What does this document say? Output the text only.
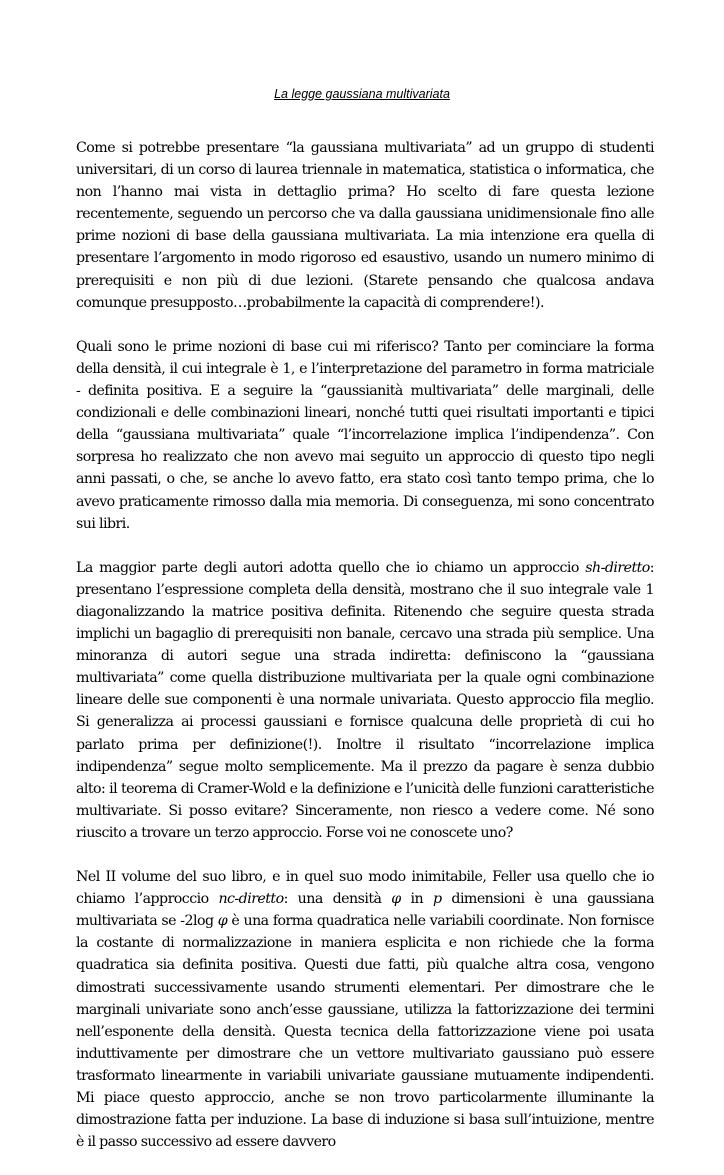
La legge gaussiana multivariata

Come si potrebbe presentare “la gaussiana multivariata” ad un gruppo di studenti universitari, di un corso di laurea triennale in matematica, statistica o informatica, che non l’hanno mai vista in dettaglio prima? Ho scelto di fare questa lezione recentemente, seguendo un percorso che va dalla gaussiana unidimensionale fino alle prime nozioni di base della gaussiana multivariata. La mia intenzione era quella di presentare l’argomento in modo rigoroso ed esaustivo, usando un numero minimo di prerequisiti e non più di due lezioni. (Starete pensando che qualcosa andava comunque presupposto…probabilmente la capacità di comprendere!).

Quali sono le prime nozioni di base cui mi riferisco? Tanto per cominciare la forma della densità, il cui integrale è 1, e l’interpretazione del parametro in forma matriciale - definita positiva. E a seguire la “gaussianità multivariata” delle marginali, delle condizionali e delle combinazioni lineari, nonché tutti quei risultati importanti e tipici della “gaussiana multivariata” quale “l’incorrelazione implica l’indipendenza”. Con sorpresa ho realizzato che non avevo mai seguito un approccio di questo tipo negli anni passati, o che, se anche lo avevo fatto, era stato così tanto tempo prima, che lo avevo praticamente rimosso dalla mia memoria. Di conseguenza, mi sono concentrato sui libri.

La maggior parte degli autori adotta quello che io chiamo un approccio sh-diretto: presentano l’espressione completa della densità, mostrano che il suo integrale vale 1 diagonalizzando la matrice positiva definita. Ritenendo che seguire questa strada implichi un bagaglio di prerequisiti non banale, cercavo una strada più semplice. Una minoranza di autori segue una strada indiretta: definiscono la “gaussiana multivariata” come quella distribuzione multivariata per la quale ogni combinazione lineare delle sue componenti è una normale univariata. Questo approccio fila meglio. Si generalizza ai processi gaussiani e fornisce qualcuna delle proprietà di cui ho parlato prima per definizione(!). Inoltre il risultato “incorrelazione implica indipendenza” segue molto semplicemente. Ma il prezzo da pagare è senza dubbio alto: il teorema di Cramer-Wold e la definizione e l’unicità delle funzioni caratteristiche multivariate. Si posso evitare? Sinceramente, non riesco a vedere come. Né sono riuscito a trovare un terzo approccio. Forse voi ne conoscete uno?

Nel II volume del suo libro, e in quel suo modo inimitabile, Feller usa quello che io chiamo l’approccio nc-diretto: una densità φ in p dimensioni è una gaussiana multivariata se -2log φ è una forma quadratica nelle variabili coordinate. Non fornisce la costante di normalizzazione in maniera esplicita e non richiede che la forma quadratica sia definita positiva. Questi due fatti, più qualche altra cosa, vengono dimostrati successivamente usando strumenti elementari. Per dimostrare che le marginali univariate sono anch’esse gaussiane, utilizza la fattorizzazione dei termini nell’esponente della densità. Questa tecnica della fattorizzazione viene poi usata induttivamente per dimostrare che un vettore multivariato gaussiano può essere trasformato linearmente in variabili univariate gaussiane mutuamente indipendenti. Mi piace questo approccio, anche se non trovo particolarmente illuminante la dimostrazione fatta per induzione. La base di induzione si basa sull’intuizione, mentre è il passo successivo ad essere davvero
